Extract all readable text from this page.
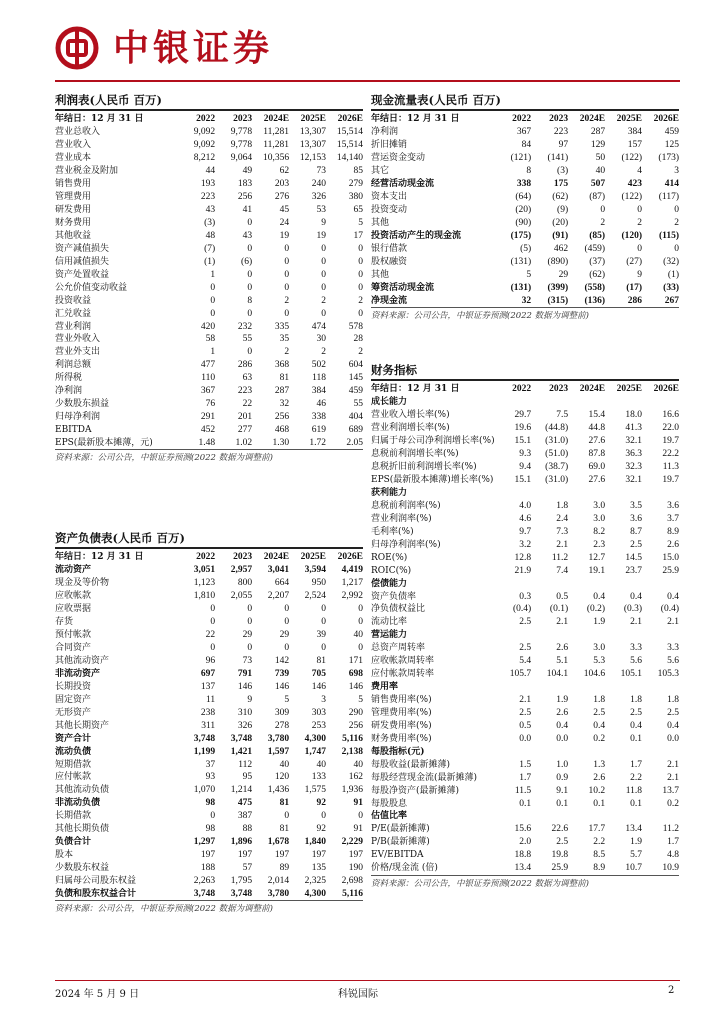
中银证券
利润表(人民币 百万)
年结日：12 月 31 日	2022	2023	2024E	2025E	2026E
营业总收入	9,092	9,778	11,281	13,307	15,514
营业收入	9,092	9,778	11,281	13,307	15,514
营业成本	8,212	9,064	10,356	12,153	14,140
营业税金及附加	44	49	62	73	85
销售费用	193	183	203	240	279
管理费用	223	256	276	326	380
研发费用	43	41	45	53	65
财务费用	(3)	0	24	9	5
其他收益	48	43	19	19	17
资产减值损失	(7)	0	0	0	0
信用减值损失	(1)	(6)	0	0	0
资产处置收益	1	0	0	0	0
公允价值变动收益	0	0	0	0	0
投资收益	0	8	2	2	2
汇兑收益	0	0	0	0	0
营业利润	420	232	335	474	578
营业外收入	58	55	35	30	28
营业外支出	1	0	2	2	2
利润总额	477	286	368	502	604
所得税	110	63	81	118	145
净利润	367	223	287	384	459
少数股东损益	76	22	32	46	55
归母净利润	291	201	256	338	404
EBITDA	452	277	468	619	689
EPS(最新股本摊薄，元)	1.48	1.02	1.30	1.72	2.05
资料来源：公司公告，中银证券预测(2022 数据为调整前)
资产负债表(人民币 百万)
年结日：12 月 31 日	2022	2023	2024E	2025E	2026E
流动资产	3,051	2,957	3,041	3,594	4,419
现金及等价物	1,123	800	664	950	1,217
应收帐款	1,810	2,055	2,207	2,524	2,992
应收票据	0	0	0	0	0
存货	0	0	0	0	0
预付帐款	22	29	29	39	40
合同资产	0	0	0	0	0
其他流动资产	96	73	142	81	171
非流动资产	697	791	739	705	698
长期投资	137	146	146	146	146
固定资产	11	9	5	3	5
无形资产	238	310	309	303	290
其他长期资产	311	326	278	253	256
资产合计	3,748	3,748	3,780	4,300	5,116
流动负债	1,199	1,421	1,597	1,747	2,138
短期借款	37	112	40	40	40
应付帐款	93	95	120	133	162
其他流动负债	1,070	1,214	1,436	1,575	1,936
非流动负债	98	475	81	92	91
长期借款	0	387	0	0	0
其他长期负债	98	88	81	92	91
负债合计	1,297	1,896	1,678	1,840	2,229
股本	197	197	197	197	197
少数股东权益	188	57	89	135	190
归属母公司股东权益	2,263	1,795	2,014	2,325	2,698
负债和股东权益合计	3,748	3,748	3,780	4,300	5,116
资料来源：公司公告，中银证券预测(2022 数据为调整前)
现金流量表(人民币 百万)
年结日：12 月 31 日	2022	2023	2024E	2025E	2026E
净利润	367	223	287	384	459
折旧摊销	84	97	129	157	125
营运资金变动	(121)	(141)	50	(122)	(173)
其它	8	(3)	40	4	3
经营活动现金流	338	175	507	423	414
资本支出	(64)	(62)	(87)	(122)	(117)
投资变动	(20)	(9)	0	0	0
其他	(90)	(20)	2	2	2
投资活动产生的现金流	(175)	(91)	(85)	(120)	(115)
银行借款	(5)	462	(459)	0	0
股权融资	(131)	(890)	(37)	(27)	(32)
其他	5	29	(62)	9	(1)
筹资活动现金流	(131)	(399)	(558)	(17)	(33)
净现金流	32	(315)	(136)	286	267
资料来源：公司公告，中银证券预测(2022 数据为调整前)
财务指标
年结日：12 月 31 日	2022	2023	2024E	2025E	2026E
成长能力					
营业收入增长率(%)	29.7	7.5	15.4	18.0	16.6
营业利润增长率(%)	19.6	(44.8)	44.8	41.3	22.0
归属于母公司净利润增长率(%)	15.1	(31.0)	27.6	32.1	19.7
息税前利润增长率(%)	9.3	(51.0)	87.8	36.3	22.2
息税折旧前利润增长率(%)	9.4	(38.7)	69.0	32.3	11.3
EPS(最新股本摊薄)增长率(%)	15.1	(31.0)	27.6	32.1	19.7
获利能力					
息税前利润率(%)	4.0	1.8	3.0	3.5	3.6
营业利润率(%)	4.6	2.4	3.0	3.6	3.7
毛利率(%)	9.7	7.3	8.2	8.7	8.9
归母净利润率(%)	3.2	2.1	2.3	2.5	2.6
ROE(%)	12.8	11.2	12.7	14.5	15.0
ROIC(%)	21.9	7.4	19.1	23.7	25.9
偿债能力					
资产负债率	0.3	0.5	0.4	0.4	0.4
净负债权益比	(0.4)	(0.1)	(0.2)	(0.3)	(0.4)
流动比率	2.5	2.1	1.9	2.1	2.1
营运能力					
总资产周转率	2.5	2.6	3.0	3.3	3.3
应收帐款周转率	5.4	5.1	5.3	5.6	5.6
应付帐款周转率	105.7	104.1	104.6	105.1	105.3
费用率					
销售费用率(%)	2.1	1.9	1.8	1.8	1.8
管理费用率(%)	2.5	2.6	2.5	2.5	2.5
研发费用率(%)	0.5	0.4	0.4	0.4	0.4
财务费用率(%)	0.0	0.0	0.2	0.1	0.0
每股指标(元)					
每股收益(最新摊薄)	1.5	1.0	1.3	1.7	2.1
每股经营现金流(最新摊薄)	1.7	0.9	2.6	2.2	2.1
每股净资产(最新摊薄)	11.5	9.1	10.2	11.8	13.7
每股股息	0.1	0.1	0.1	0.1	0.2
估值比率					
P/E(最新摊薄)	15.6	22.6	17.7	13.4	11.2
P/B(最新摊薄)	2.0	2.5	2.2	1.9	1.7
EV/EBITDA	18.8	19.8	8.5	5.7	4.8
价格/现金流 (倍)	13.4	25.9	8.9	10.7	10.9
资料来源：公司公告，中银证券预测(2022 数据为调整前)
2024 年 5 月 9 日	科锐国际	2
